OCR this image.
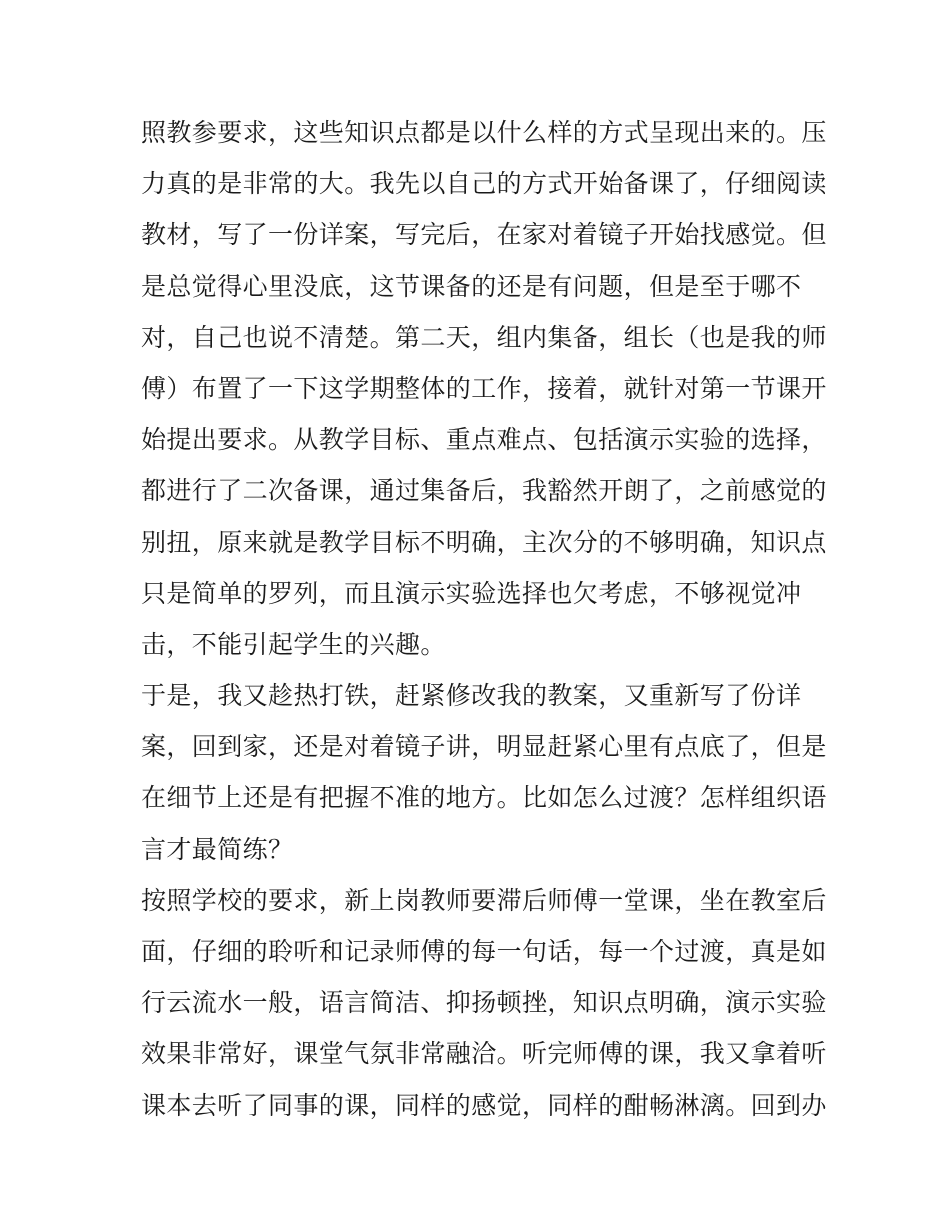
照教参要求，这些知识点都是以什么样的方式呈现出来的。压
力真的是非常的大。我先以自己的方式开始备课了，仔细阅读
教材，写了一份详案，写完后，在家对着镜子开始找感觉。但
是总觉得心里没底，这节课备的还是有问题，但是至于哪不
对，自己也说不清楚。第二天，组内集备，组长（也是我的师
傅）布置了一下这学期整体的工作，接着，就针对第一节课开
始提出要求。从教学目标、重点难点、包括演示实验的选择，
都进行了二次备课，通过集备后，我豁然开朗了，之前感觉的
别扭，原来就是教学目标不明确，主次分的不够明确，知识点
只是简单的罗列，而且演示实验选择也欠考虑，不够视觉冲
击，不能引起学生的兴趣。
于是，我又趁热打铁，赶紧修改我的教案，又重新写了份详
案，回到家，还是对着镜子讲，明显赶紧心里有点底了，但是
在细节上还是有把握不准的地方。比如怎么过渡？怎样组织语
言才最简练？
按照学校的要求，新上岗教师要滞后师傅一堂课，坐在教室后
面，仔细的聆听和记录师傅的每一句话，每一个过渡，真是如
行云流水一般，语言简洁、抑扬顿挫，知识点明确，演示实验
效果非常好，课堂气氛非常融洽。听完师傅的课，我又拿着听
课本去听了同事的课，同样的感觉，同样的酣畅淋漓。回到办
